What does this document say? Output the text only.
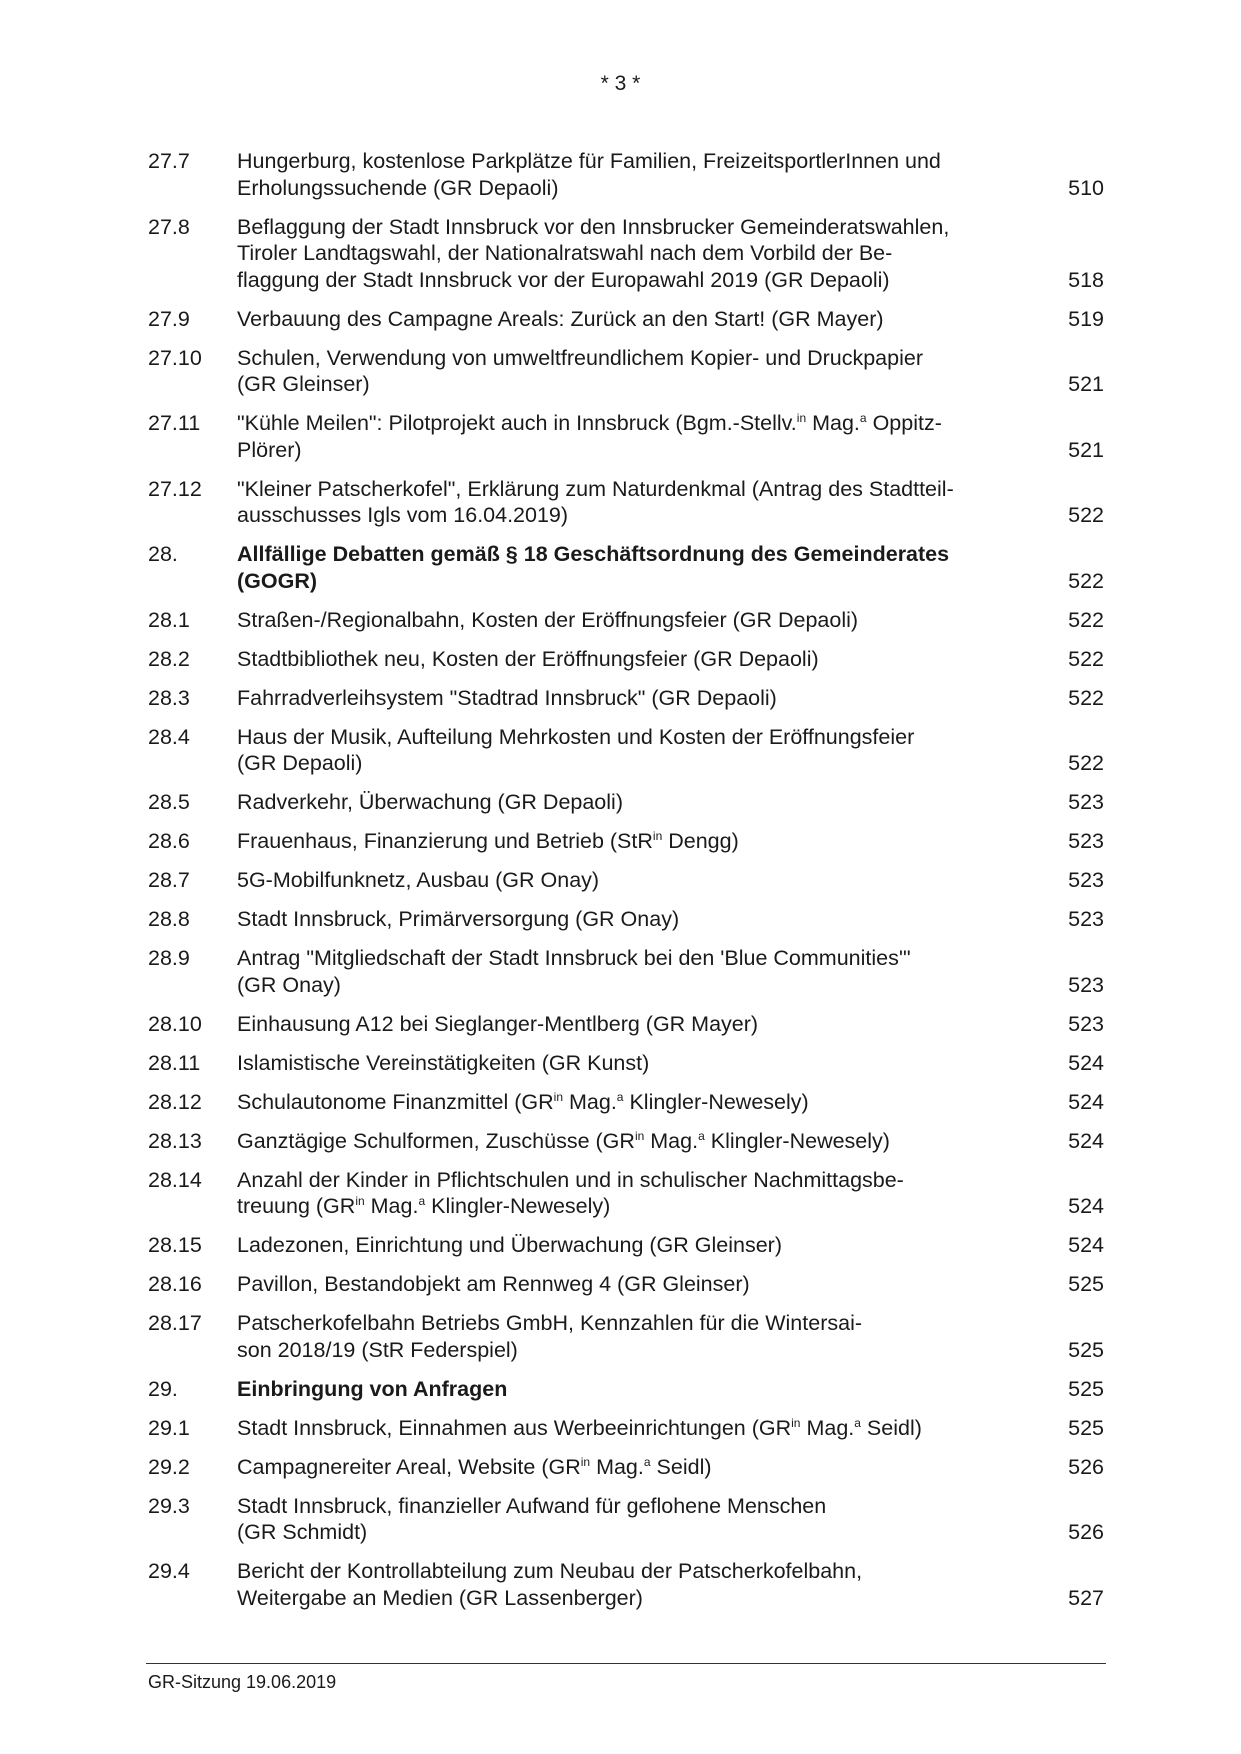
* 3 *
27.7	Hungerburg, kostenlose Parkplätze für Familien, FreizeitsportlerInnen und
Erholungssuchende (GR Depaoli)	510
27.8	Beflaggung der Stadt Innsbruck vor den Innsbrucker Gemeinderatswahlen,
Tiroler Landtagswahl, der Nationalratswahl nach dem Vorbild der Be-
flaggung der Stadt Innsbruck vor der Europawahl 2019 (GR Depaoli)	518
27.9	Verbauung des Campagne Areals: Zurück an den Start! (GR Mayer)	519
27.10	Schulen, Verwendung von umweltfreundlichem Kopier- und Druckpapier
(GR Gleinser)	521
27.11	"Kühle Meilen": Pilotprojekt auch in Innsbruck (Bgm.-Stellv.$^{in}$ Mag.$^a$ Oppitz-
Plörer)	521
27.12	"Kleiner Patscherkofel", Erklärung zum Naturdenkmal (Antrag des Stadtteil-
ausschusses Igls vom 16.04.2019)	522
28.	Allfällige Debatten gemäß § 18 Geschäftsordnung des Gemeinderates
(GOGR)	522
28.1	Straßen-/Regionalbahn, Kosten der Eröffnungsfeier (GR Depaoli)	522
28.2	Stadtbibliothek neu, Kosten der Eröffnungsfeier (GR Depaoli)	522
28.3	Fahrradverleihsystem "Stadtrad Innsbruck" (GR Depaoli)	522
28.4	Haus der Musik, Aufteilung Mehrkosten und Kosten der Eröffnungsfeier
(GR Depaoli)	522
28.5	Radverkehr, Überwachung (GR Depaoli)	523
28.6	Frauenhaus, Finanzierung und Betrieb (StR$^{in}$ Dengg)	523
28.7	5G-Mobilfunknetz, Ausbau (GR Onay)	523
28.8	Stadt Innsbruck, Primärversorgung (GR Onay)	523
28.9	Antrag "Mitgliedschaft der Stadt Innsbruck bei den 'Blue Communities'"
(GR Onay)	523
28.10	Einhausung A12 bei Sieglanger-Mentlberg (GR Mayer)	523
28.11	Islamistische Vereinstätigkeiten (GR Kunst)	524
28.12	Schulautonome Finanzmittel ($GR^{in}$ Mag.$^a$ Klingler-Newesely)	524
28.13	Ganztägige Schulformen, Zuschüsse ($GR^{in}$ Mag.$^a$ Klingler-Newesely)	524
28.14	Anzahl der Kinder in Pflichtschulen und in schulischer Nachmittagsbe-
treuung ($GR^{in}$ Mag.$^a$ Klingler-Newesely)	524
28.15	Ladezonen, Einrichtung und Überwachung (GR Gleinser)	524
28.16	Pavillon, Bestandobjekt am Rennweg 4 (GR Gleinser)	525
28.17	Patscherkofelbahn Betriebs GmbH, Kennzahlen für die Wintersai-
son 2018/19 (StR Federspiel)	525
29.	Einbringung von Anfragen	525
29.1	Stadt Innsbruck, Einnahmen aus Werbeeinrichtungen ($GR^{in}$ Mag.$^a$ Seidl)	525
29.2	Campagnereiter Areal, Website ($GR^{in}$ Mag.$^a$ Seidl)	526
29.3	Stadt Innsbruck, finanzieller Aufwand für geflohene Menschen
(GR Schmidt)	526
29.4	Bericht der Kontrollabteilung zum Neubau der Patscherkofelbahn,
Weitergabe an Medien (GR Lassenberger)	527
GR-Sitzung 19.06.2019
